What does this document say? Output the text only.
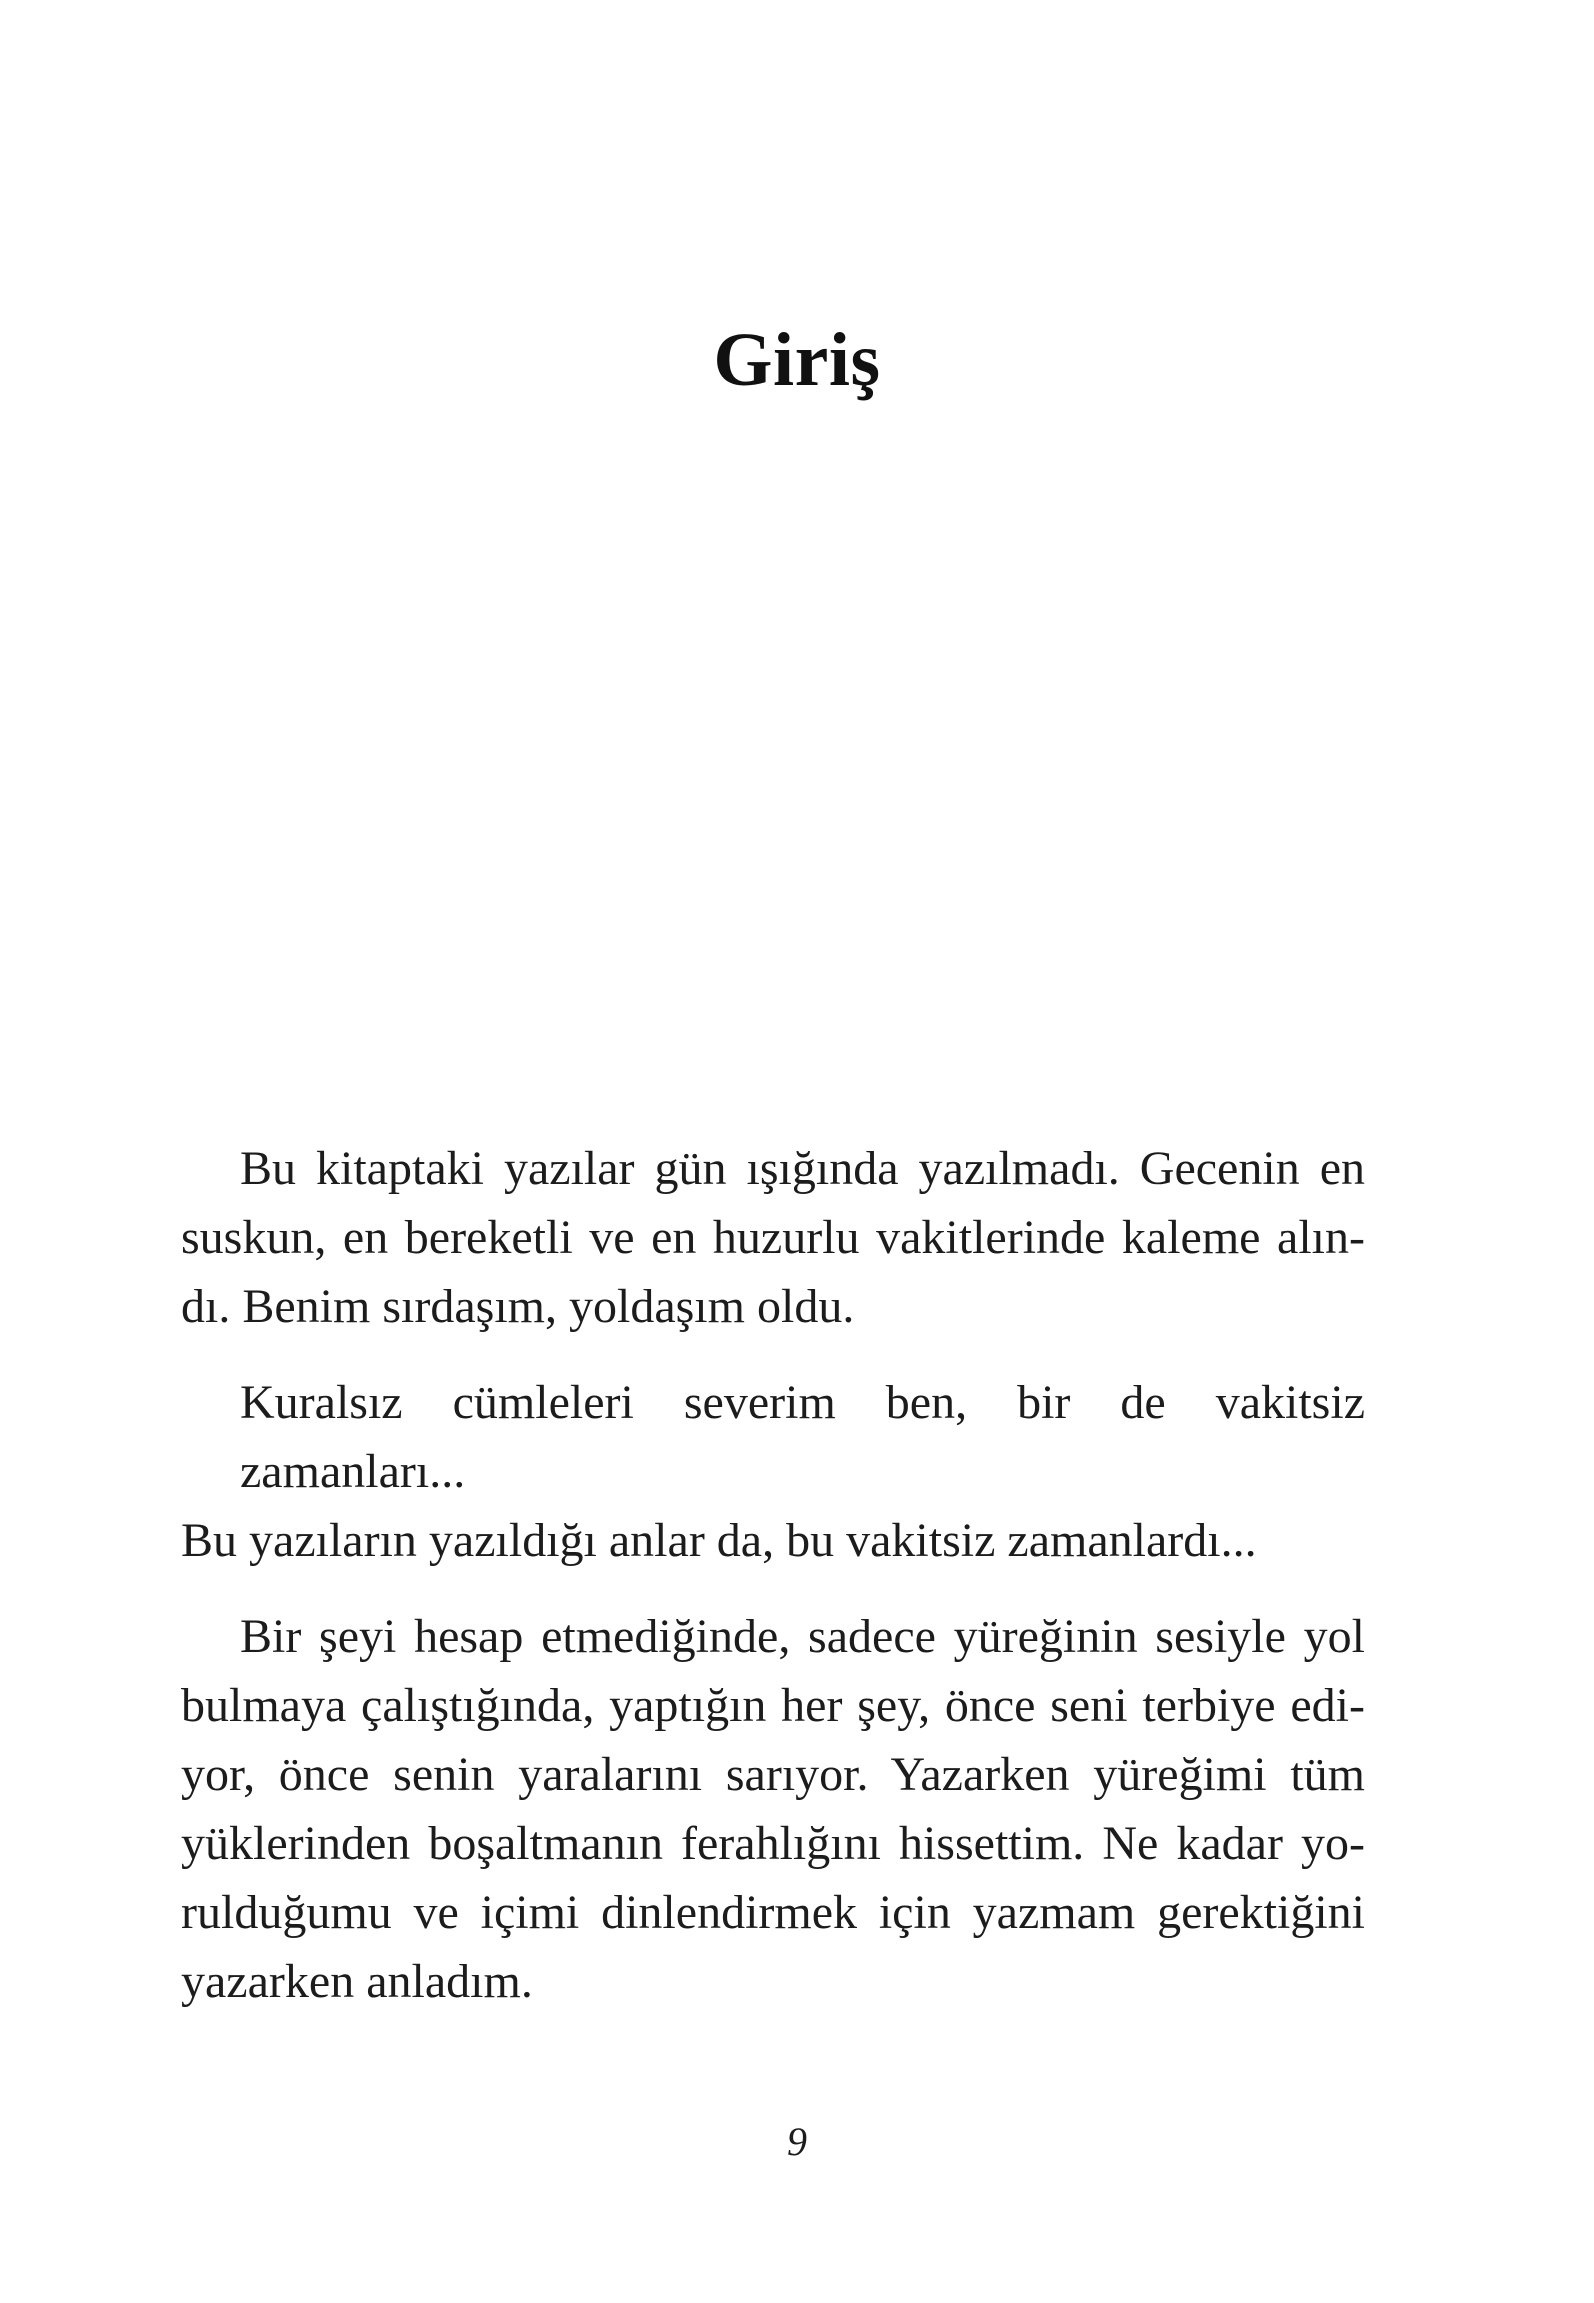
Giriş

Bu kitaptaki yazılar gün ışığında yazılmadı. Gecenin en
suskun, en bereketli ve en huzurlu vakitlerinde kaleme alın-
dı. Benim sırdaşım, yoldaşım oldu.

Kuralsız cümleleri severim ben, bir de vakitsiz zamanları...
Bu yazıların yazıldığı anlar da, bu vakitsiz zamanlardı...

Bir şeyi hesap etmediğinde, sadece yüreğinin sesiyle yol
bulmaya çalıştığında, yaptığın her şey, önce seni terbiye edi-
yor, önce senin yaralarını sarıyor. Yazarken yüreğimi tüm
yüklerinden boşaltmanın ferahlığını hissettim. Ne kadar yo-
rulduğumu ve içimi dinlendirmek için yazmam gerektiğini
yazarken anladım.

9
